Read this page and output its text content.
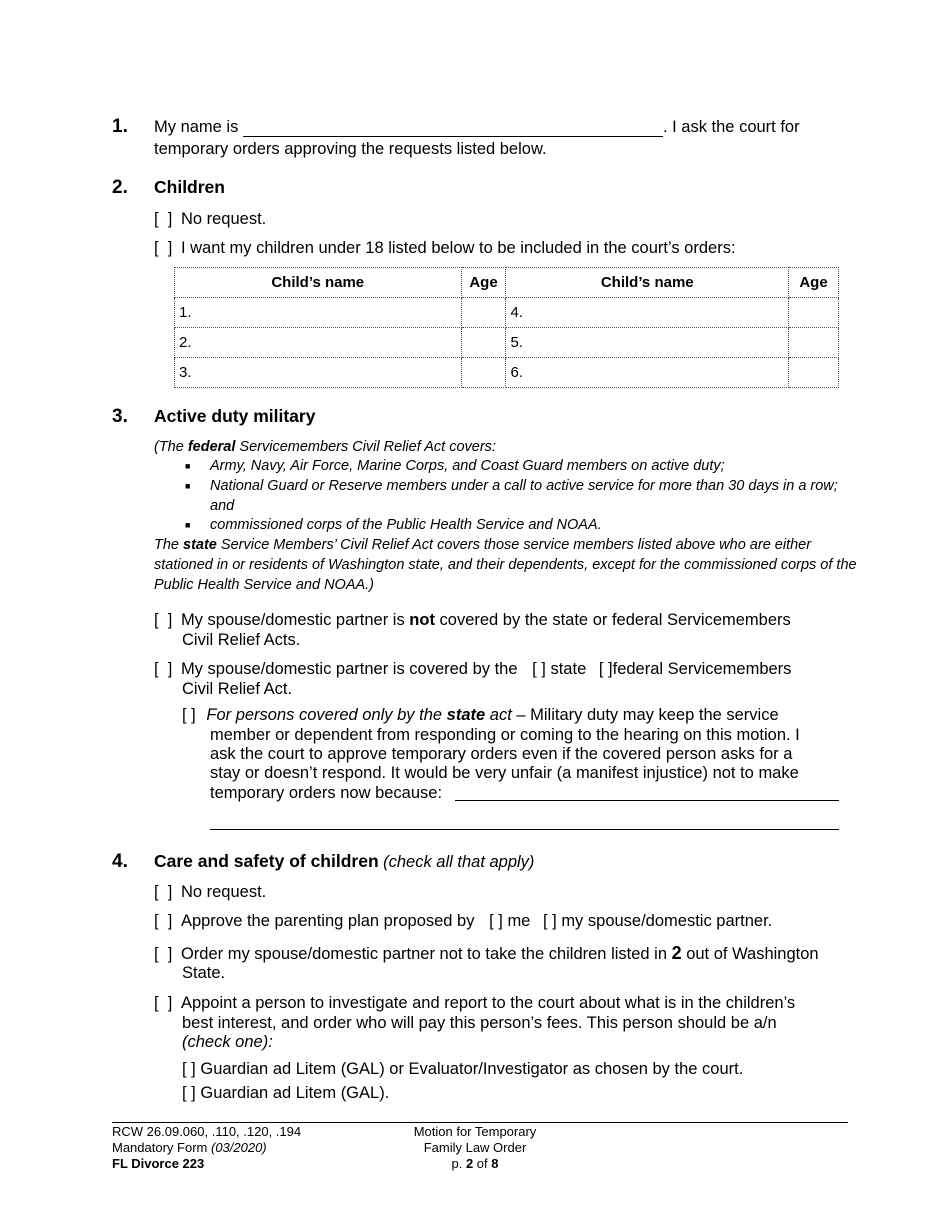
1. My name is	. I ask the court for
temporary orders approving the requests listed below.
2. Children
[  ] No request.
[  ] I want my children under 18 listed below to be included in the court’s orders:
Child’s name	Age	Child’s name	Age
1.		4.	
2.		5.	
3.		6.	
3. Active duty military
(The federal Servicemembers Civil Relief Act covers:
■ Army, Navy, Air Force, Marine Corps, and Coast Guard members on active duty;
■ National Guard or Reserve members under a call to active service for more than 30 days in a row;
and
■ commissioned corps of the Public Health Service and NOAA.
The state Service Members’ Civil Relief Act covers those service members listed above who are either
stationed in or residents of Washington state, and their dependents, except for the commissioned corps of the
Public Health Service and NOAA.)
[  ] My spouse/domestic partner is not covered by the state or federal Servicemembers
Civil Relief Acts.
[  ] My spouse/domestic partner is covered by the [ ] state [ ]federal Servicemembers
Civil Relief Act.
[ ] For persons covered only by the state act – Military duty may keep the service
member or dependent from responding or coming to the hearing on this motion. I
ask the court to approve temporary orders even if the covered person asks for a
stay or doesn’t respond. It would be very unfair (a manifest injustice) not to make
temporary orders now because:
4. Care and safety of children (check all that apply)
[  ] No request.
[  ] Approve the parenting plan proposed by [ ] me [ ] my spouse/domestic partner.
[  ] Order my spouse/domestic partner not to take the children listed in 2 out of Washington
State.
[  ] Appoint a person to investigate and report to the court about what is in the children’s
best interest, and order who will pay this person’s fees. This person should be a/n
(check one):
[ ] Guardian ad Litem (GAL) or Evaluator/Investigator as chosen by the court.
[ ] Guardian ad Litem (GAL).
RCW 26.09.060, .110, .120, .194
Mandatory Form (03/2020)
FL Divorce 223
Motion for Temporary
Family Law Order
p. 2 of 8
